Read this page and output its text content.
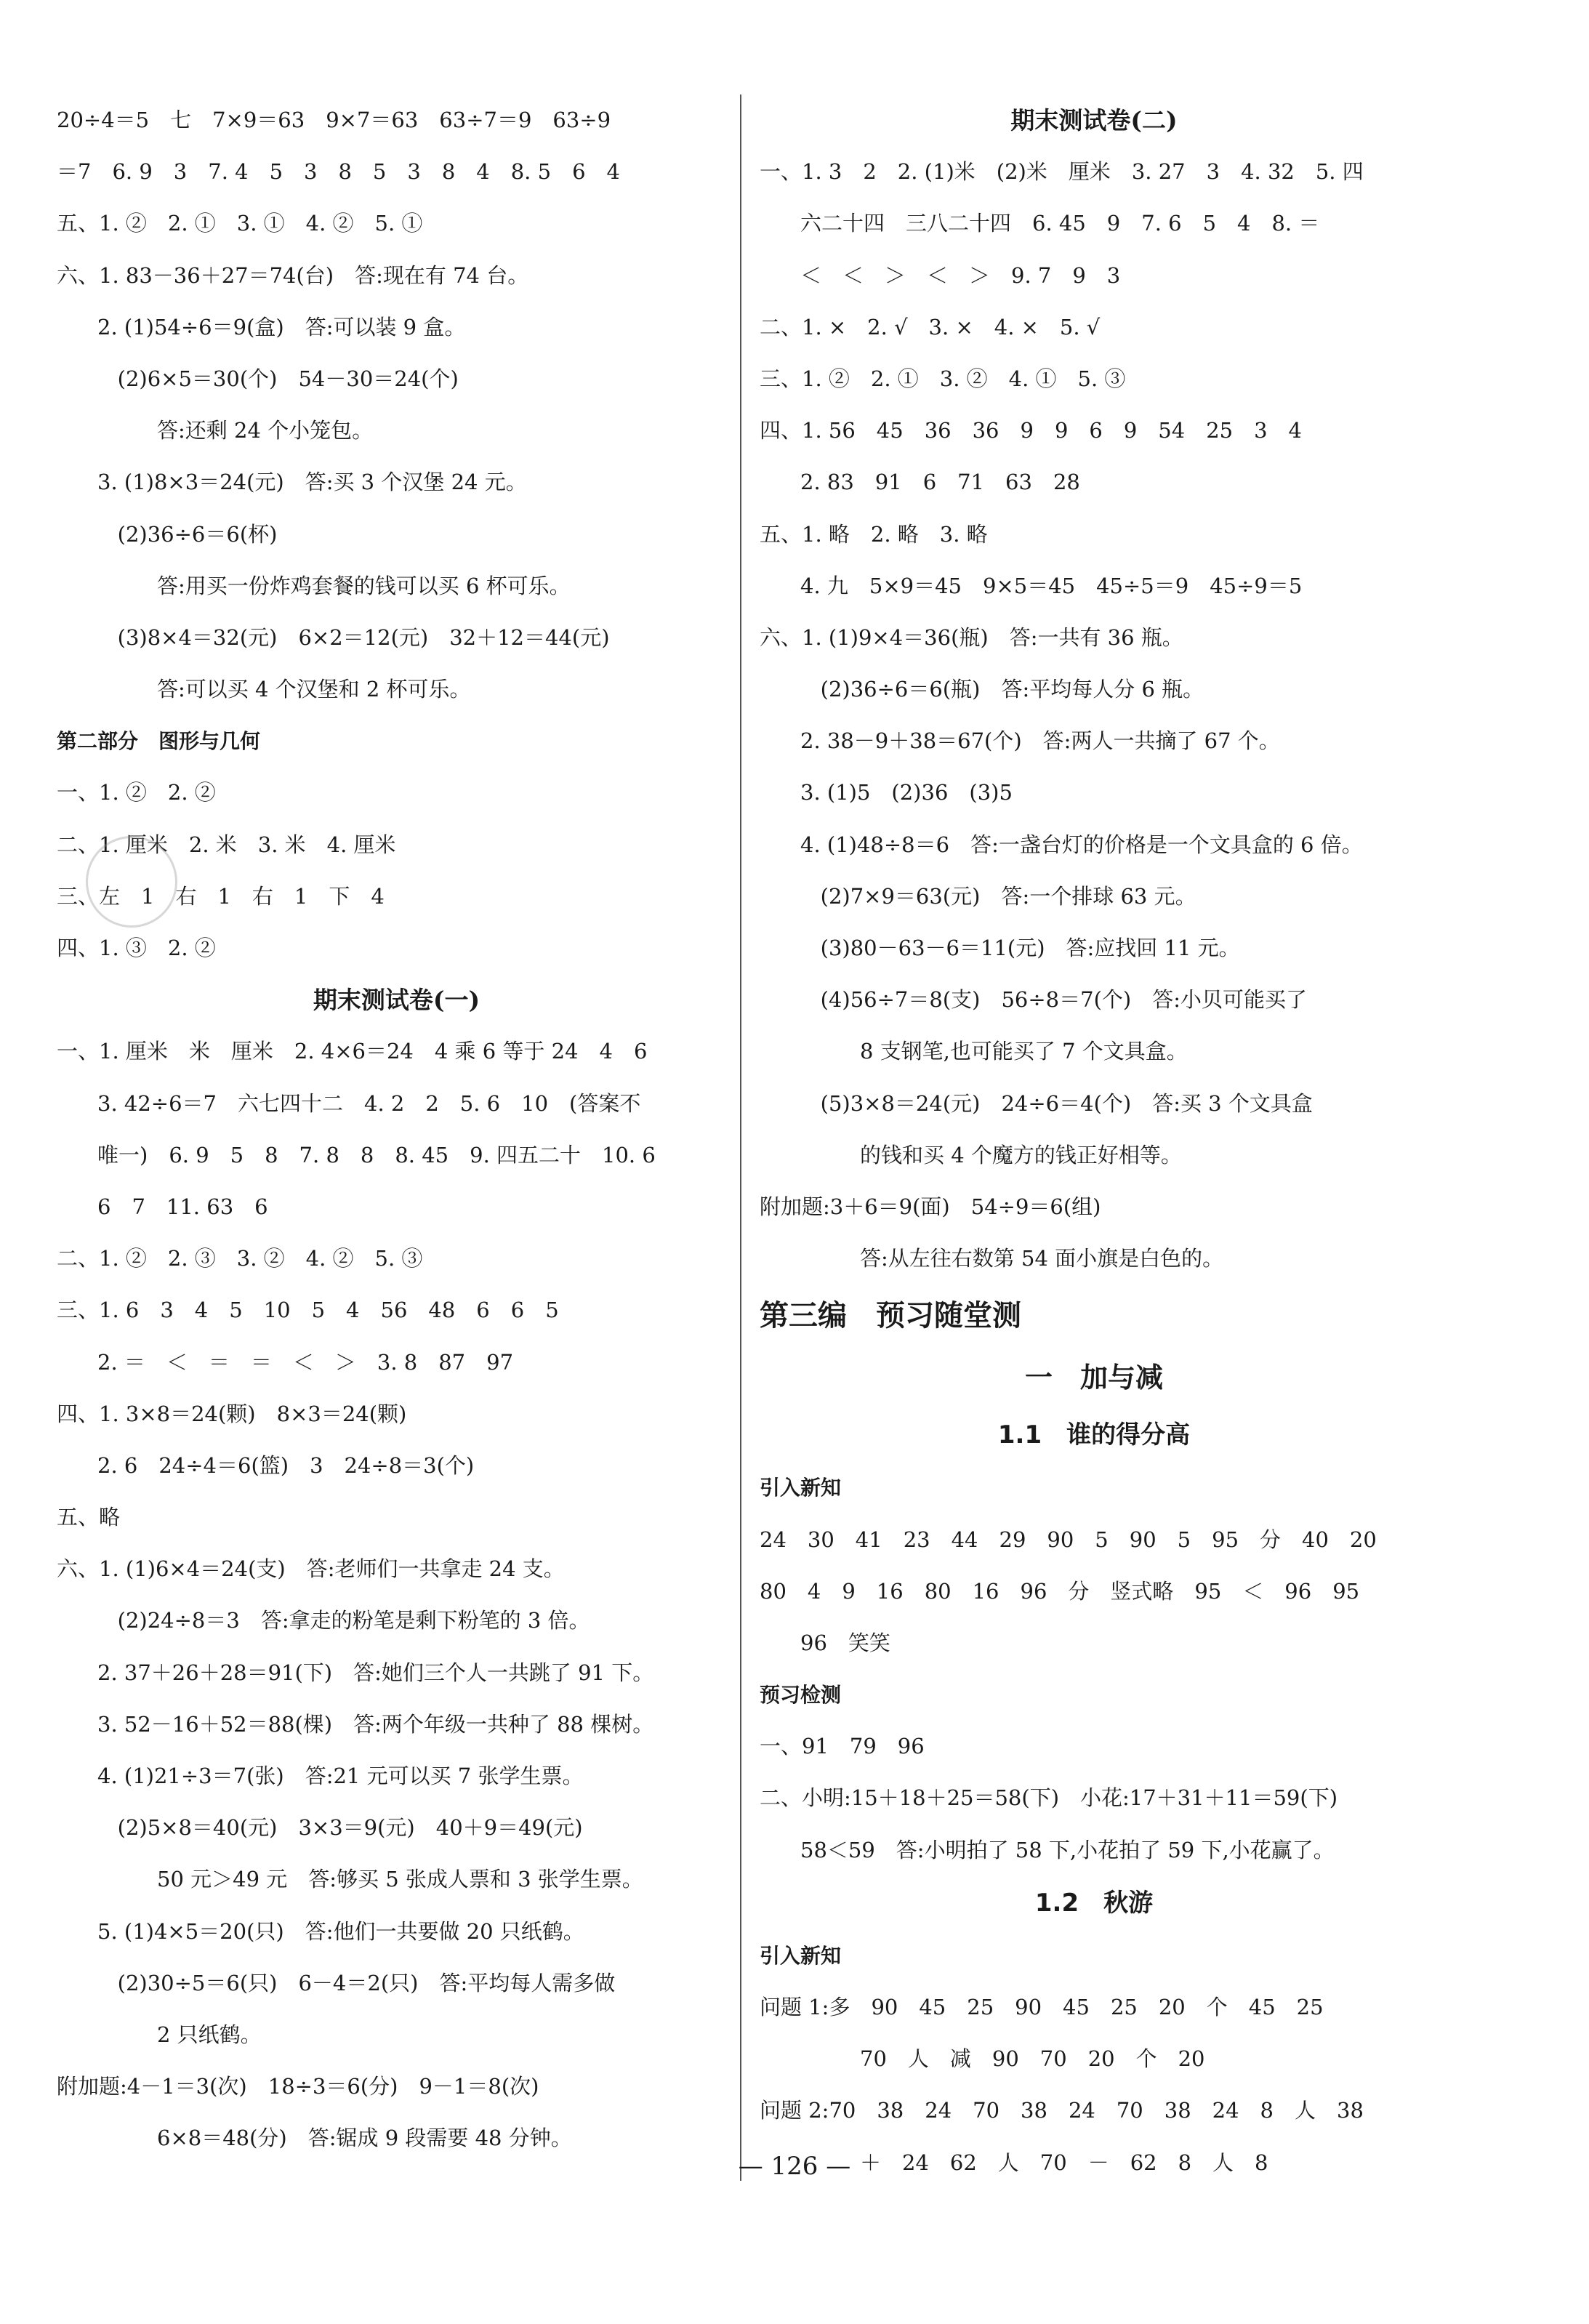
20÷4＝5　七　7×9＝63　9×7＝63　63÷7＝9　63÷9
＝7　6. 9　3　7. 4　5　3　8　5　3　8　4　8. 5　6　4
五、1. ②　2. ①　3. ①　4. ②　5. ①
六、1. 83－36＋27＝74(台)　答:现在有 74 台。
2. (1)54÷6＝9(盒)　答:可以装 9 盒。
(2)6×5＝30(个)　54－30＝24(个)
答:还剩 24 个小笼包。
3. (1)8×3＝24(元)　答:买 3 个汉堡 24 元。
(2)36÷6＝6(杯)
答:用买一份炸鸡套餐的钱可以买 6 杯可乐。
(3)8×4＝32(元)　6×2＝12(元)　32＋12＝44(元)
答:可以买 4 个汉堡和 2 杯可乐。
第二部分　图形与几何
一、1. ②　2. ②
二、1. 厘米　2. 米　3. 米　4. 厘米
三、左　1　右　1　右　1　下　4
四、1. ③　2. ②
期末测试卷(一)
一、1. 厘米　米　厘米　2. 4×6＝24　4 乘 6 等于 24　4　6
3. 42÷6＝7　六七四十二　4. 2　2　5. 6　10　(答案不
唯一)　6. 9　5　8　7. 8　8　8. 45　9. 四五二十　10. 6
6　7　11. 63　6
二、1. ②　2. ③　3. ②　4. ②　5. ③
三、1. 6　3　4　5　10　5　4　56　48　6　6　5
2. ＝　＜　＝　＝　＜　＞　3. 8　87　97
四、1. 3×8＝24(颗)　8×3＝24(颗)
2. 6　24÷4＝6(篮)　3　24÷8＝3(个)
五、略
六、1. (1)6×4＝24(支)　答:老师们一共拿走 24 支。
(2)24÷8＝3　答:拿走的粉笔是剩下粉笔的 3 倍。
2. 37＋26＋28＝91(下)　答:她们三个人一共跳了 91 下。
3. 52－16＋52＝88(棵)　答:两个年级一共种了 88 棵树。
4. (1)21÷3＝7(张)　答:21 元可以买 7 张学生票。
(2)5×8＝40(元)　3×3＝9(元)　40＋9＝49(元)
50 元＞49 元　答:够买 5 张成人票和 3 张学生票。
5. (1)4×5＝20(只)　答:他们一共要做 20 只纸鹤。
(2)30÷5＝6(只)　6－4＝2(只)　答:平均每人需多做
2 只纸鹤。
附加题:4－1＝3(次)　18÷3＝6(分)　9－1＝8(次)
6×8＝48(分)　答:锯成 9 段需要 48 分钟。
期末测试卷(二)
一、1. 3　2　2. (1)米　(2)米　厘米　3. 27　3　4. 32　5. 四
六二十四　三八二十四　6. 45　9　7. 6　5　4　8. ＝
＜　＜　＞　＜　＞　9. 7　9　3
二、1. ×　2. √　3. ×　4. ×　5. √
三、1. ②　2. ①　3. ②　4. ①　5. ③
四、1. 56　45　36　36　9　9　6　9　54　25　3　4
2. 83　91　6　71　63　28
五、1. 略　2. 略　3. 略
4. 九　5×9＝45　9×5＝45　45÷5＝9　45÷9＝5
六、1. (1)9×4＝36(瓶)　答:一共有 36 瓶。
(2)36÷6＝6(瓶)　答:平均每人分 6 瓶。
2. 38－9＋38＝67(个)　答:两人一共摘了 67 个。
3. (1)5　(2)36　(3)5
4. (1)48÷8＝6　答:一盏台灯的价格是一个文具盒的 6 倍。
(2)7×9＝63(元)　答:一个排球 63 元。
(3)80－63－6＝11(元)　答:应找回 11 元。
(4)56÷7＝8(支)　56÷8＝7(个)　答:小贝可能买了
8 支钢笔,也可能买了 7 个文具盒。
(5)3×8＝24(元)　24÷6＝4(个)　答:买 3 个文具盒
的钱和买 4 个魔方的钱正好相等。
附加题:3＋6＝9(面)　54÷9＝6(组)
答:从左往右数第 54 面小旗是白色的。
第三编　预习随堂测
一　加与减
1.1　谁的得分高
引入新知
24　30　41　23　44　29　90　5　90　5　95　分　40　20
80　4　9　16　80　16　96　分　竖式略　95　＜　96　95
96　笑笑
预习检测
一、91　79　96
二、小明:15＋18＋25＝58(下)　小花:17＋31＋11＝59(下)
58＜59　答:小明拍了 58 下,小花拍了 59 下,小花赢了。
1.2　秋游
引入新知
问题 1:多　90　45　25　90　45　25　20　个　45　25
70　人　减　90　70　20　个　20
问题 2:70　38　24　70　38　24　70　38　24　8　人　38
＋　24　62　人　70　－　62　8　人　8
— 126 —
